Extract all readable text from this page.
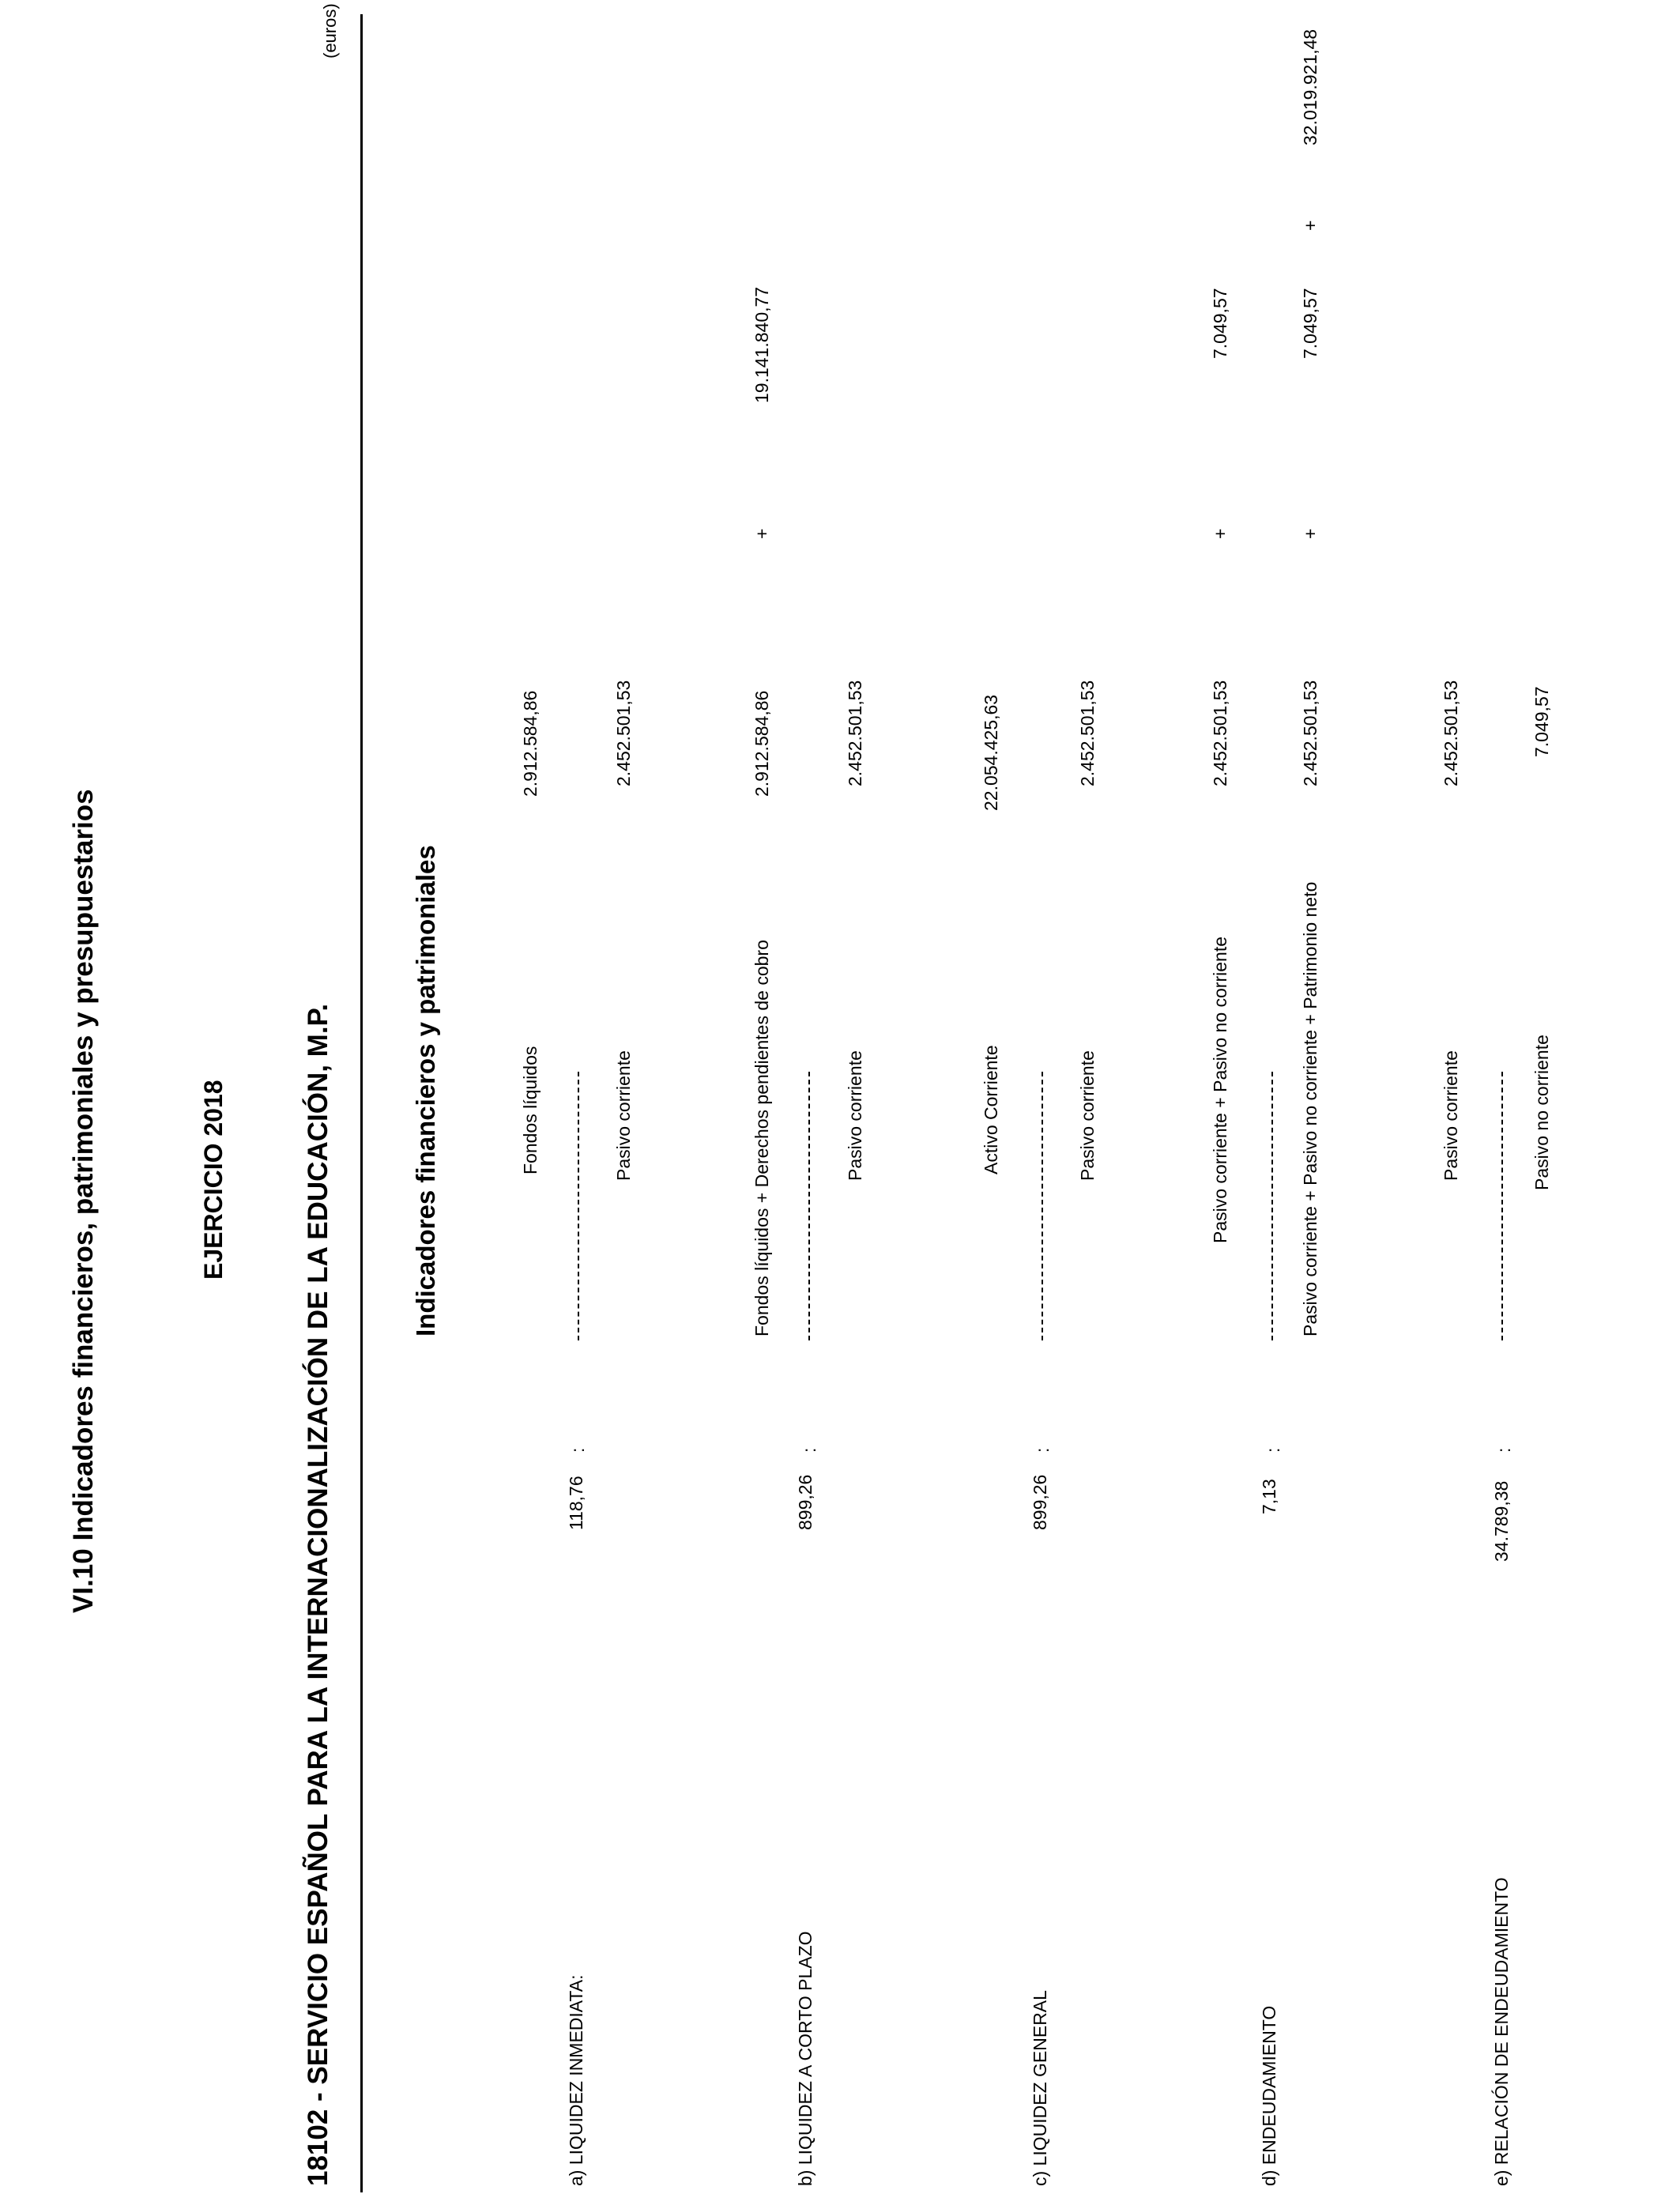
VI.10 Indicadores financieros, patrimoniales y presupuestarios	EJERCICIO 2018	18102 - SERVICIO ESPAÑOL PARA LA INTERNACIONALIZACIÓN DE LA EDUCACIÓN, M.P.
(euros)
Indicadores financieros y patrimoniales
a) LIQUIDEZ INMEDIATA:
118,76
:
Fondos líquidos
2.912.584,86
Pasivo corriente
2.452.501,53
b) LIQUIDEZ A CORTO PLAZO
899,26
:
Fondos líquidos + Derechos pendientes de cobro
2.912.584,86
+
19.141.840,77
Pasivo corriente
2.452.501,53
c) LIQUIDEZ GENERAL
899,26
:
Activo Corriente
22.054.425,63
Pasivo corriente
2.452.501,53
d) ENDEUDAMIENTO
7,13
:
Pasivo corriente + Pasivo no corriente
2.452.501,53
+
7.049,57
Pasivo corriente + Pasivo no corriente + Patrimonio neto
2.452.501,53
+
7.049,57
+
32.019.921,48
e) RELACIÓN DE ENDEUDAMIENTO
34.789,38
:
Pasivo corriente
2.452.501,53
Pasivo no corriente
7.049,57
